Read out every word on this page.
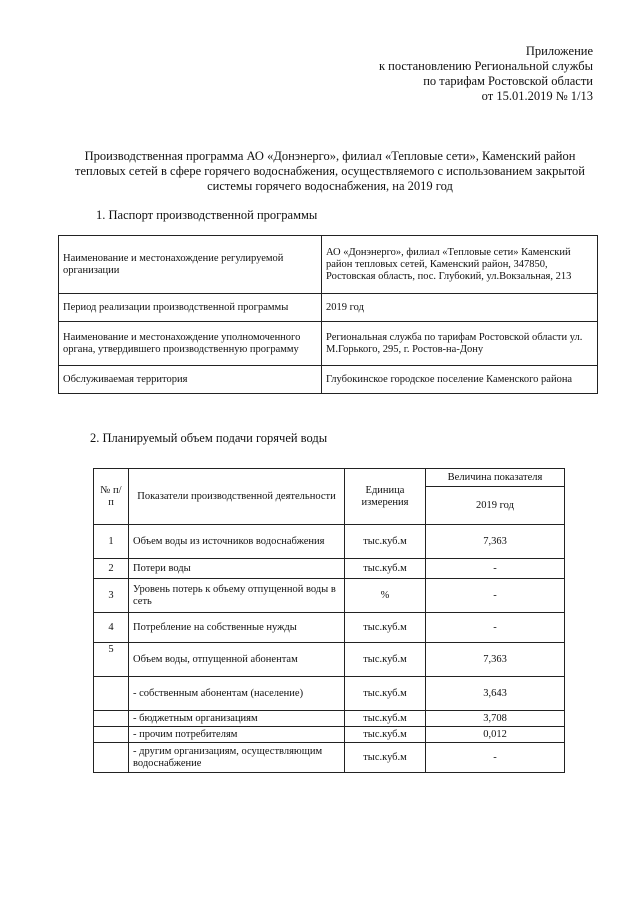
Приложение
к постановлению Региональной службы
по тарифам Ростовской области
от 15.01.2019 № 1/13
Производственная программа АО «Донэнерго», филиал «Тепловые сети», Каменский район
тепловых сетей в сфере горячего водоснабжения, осуществляемого с использованием закрытой
системы горячего водоснабжения, на 2019 год
1. Паспорт производственной программы
Наименование и местонахождение регулируемой организации	АО «Донэнерго», филиал «Тепловые сети» Каменский район тепловых сетей, Каменский район, 347850, Ростовская область, пос. Глубокий, ул.Вокзальная, 213
Период реализации производственной программы	2019 год
Наименование и местонахождение уполномоченного органа, утвердившего производственную программу	Региональная служба по тарифам Ростовской области ул. М.Горького, 295, г. Ростов-на-Дону
Обслуживаемая территория	Глубокинское городское поселение Каменского района
2. Планируемый объем подачи горячей воды
№ п/п	Показатели производственной деятельности	Единица измерения	Величина показателя
			2019 год
1	Объем воды из источников водоснабжения	тыс.куб.м	7,363
2	Потери воды	тыс.куб.м	-
3	Уровень потерь к объему отпущенной воды в сеть	%	-
4	Потребление на собственные нужды	тыс.куб.м	-
5	Объем воды, отпущенной абонентам	тыс.куб.м	7,363
	- собственным абонентам (население)	тыс.куб.м	3,643
	- бюджетным организациям	тыс.куб.м	3,708
	- прочим потребителям	тыс.куб.м	0,012
	- другим организациям, осуществляющим водоснабжение	тыс.куб.м	-
